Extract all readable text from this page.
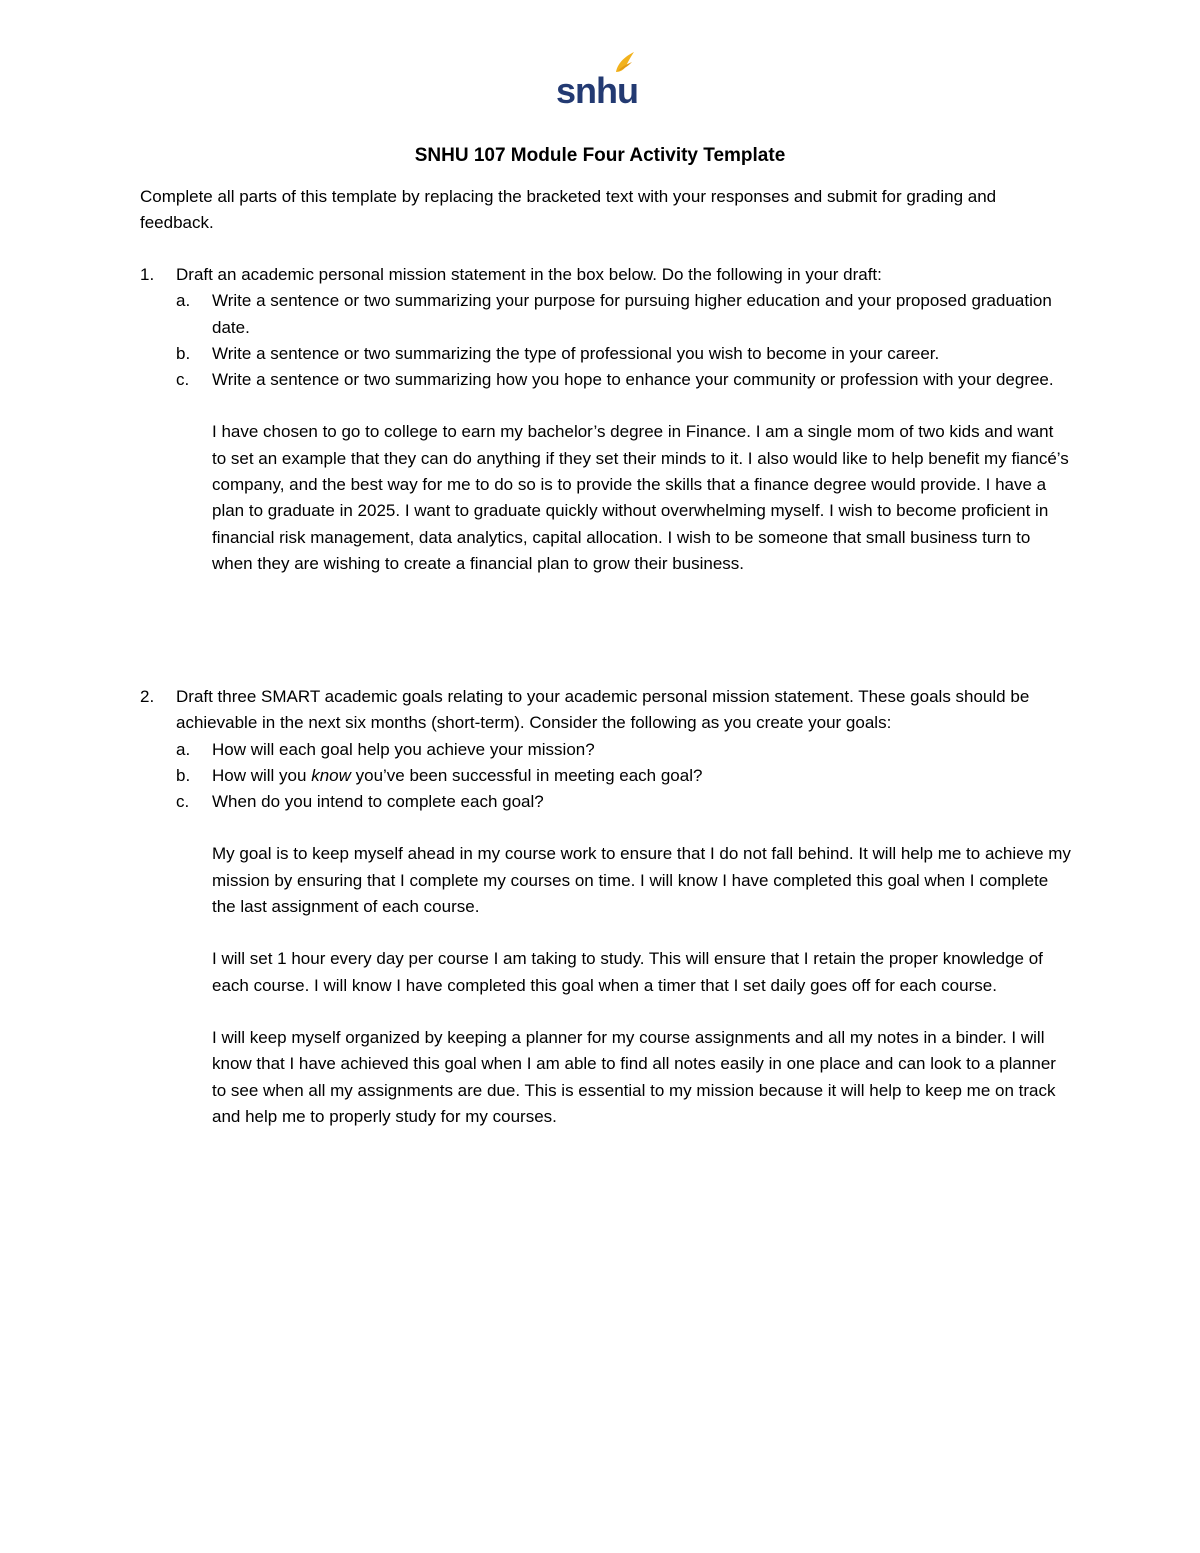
snhu
SNHU 107 Module Four Activity Template
Complete all parts of this template by replacing the bracketed text with your responses and submit for grading and feedback.
1.	Draft an academic personal mission statement in the box below. Do the following in your draft:
a.	Write a sentence or two summarizing your purpose for pursuing higher education and your proposed graduation date.
b.	Write a sentence or two summarizing the type of professional you wish to become in your career.
c.	Write a sentence or two summarizing how you hope to enhance your community or profession with your degree.
I have chosen to go to college to earn my bachelor’s degree in Finance. I am a single mom of two kids and want to set an example that they can do anything if they set their minds to it. I also would like to help benefit my fiancé’s company, and the best way for me to do so is to provide the skills that a finance degree would provide. I have a plan to graduate in 2025. I want to graduate quickly without overwhelming myself. I wish to become proficient in financial risk management, data analytics, capital allocation. I wish to be someone that small business turn to when they are wishing to create a financial plan to grow their business.
2.	Draft three SMART academic goals relating to your academic personal mission statement. These goals should be achievable in the next six months (short-term). Consider the following as you create your goals:
a.	How will each goal help you achieve your mission?
b.	How will you know you’ve been successful in meeting each goal?
c.	When do you intend to complete each goal?
My goal is to keep myself ahead in my course work to ensure that I do not fall behind. It will help me to achieve my mission by ensuring that I complete my courses on time. I will know I have completed this goal when I complete the last assignment of each course.
I will set 1 hour every day per course I am taking to study. This will ensure that I retain the proper knowledge of each course. I will know I have completed this goal when a timer that I set daily goes off for each course.
I will keep myself organized by keeping a planner for my course assignments and all my notes in a binder. I will know that I have achieved this goal when I am able to find all notes easily in one place and can look to a planner to see when all my assignments are due. This is essential to my mission because it will help to keep me on track and help me to properly study for my courses.
